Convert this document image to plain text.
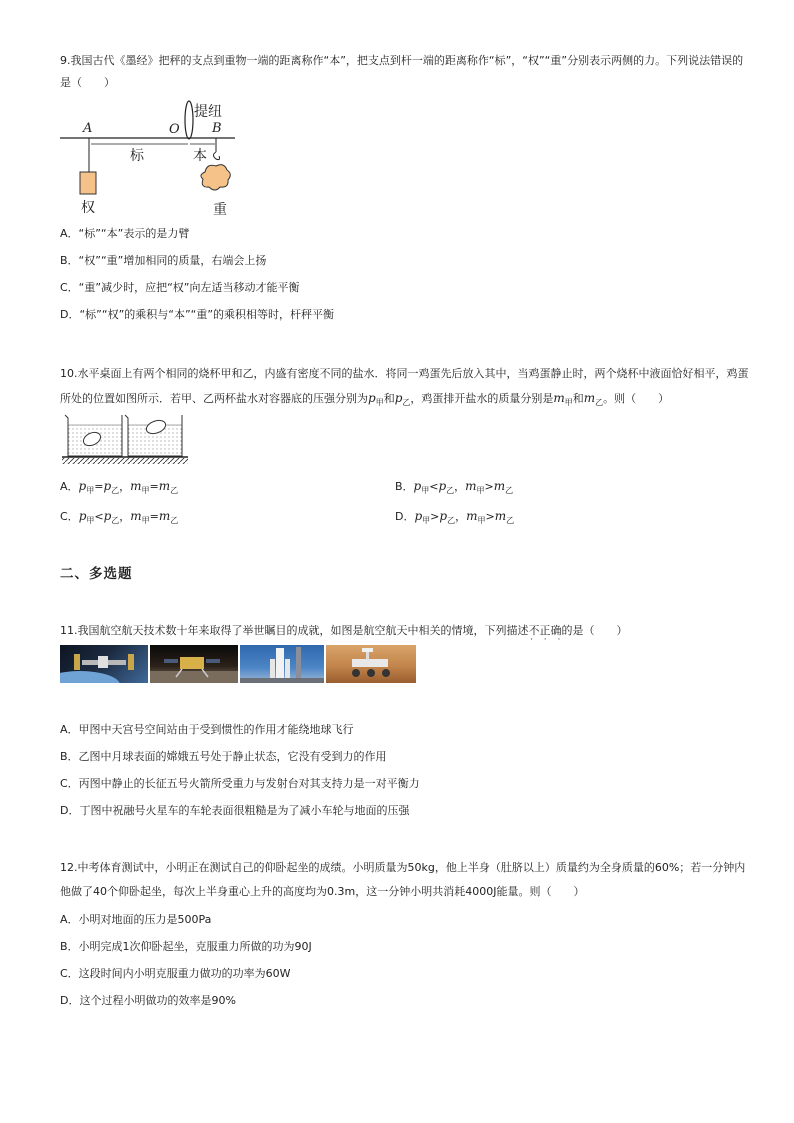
9.我国古代《墨经》把秤的支点到重物一端的距离称作“本”，把支点到杆一端的距离称作“标”，“权”“重”分别表示两侧的力。下列说法错误的是（　　）
A	O B
提纽
标	本
权	重
A．“标”“本”表示的是力臂
B．“权”“重”增加相同的质量，右端会上扬
C．“重”减少时，应把“权”向左适当移动才能平衡
D．“标”“权”的乘积与“本”“重”的乘积相等时，杆秤平衡
10.水平桌面上有两个相同的烧杯甲和乙，内盛有密度不同的盐水．将同一鸡蛋先后放入其中，当鸡蛋静止时，两个烧杯中液面恰好相平，鸡蛋所处的位置如图所示．若甲、乙两杯盐水对容器底的压强分别为$p_甲$和$p_乙$，鸡蛋排开盐水的质量分别是$m_甲$和$m_乙$。则（　　）
A．$p_甲=p_乙$，$m_甲=m_乙$	B．$p_甲<p_乙$，$m_甲>m_乙$
C．$p_甲<p_乙$，$m_甲=m_乙$	D．$p_甲>p_乙$，$m_甲>m_乙$
二、多选题
11.我国航空航天技术数十年来取得了举世瞩目的成就，如图是航空航天中相关的情境，下列描述不正确的是（　　）
· · ·
A．甲图中天宫号空间站由于受到惯性的作用才能绕地球飞行
B．乙图中月球表面的嫦娥五号处于静止状态，它没有受到力的作用
C．丙图中静止的长征五号火箭所受重力与发射台对其支持力是一对平衡力
D．丁图中祝融号火星车的车轮表面很粗糙是为了减小车轮与地面的压强
12.中考体育测试中，小明正在测试自己的仰卧起坐的成绩。小明质量为50kg，他上半身（肚脐以上）质量约为全身质量的60%；若一分钟内他做了40个仰卧起坐，每次上半身重心上升的高度均为0.3m，这一分钟小明共消耗4000J能量。则（　　）
A．小明对地面的压力是500Pa
B．小明完成1次仰卧起坐，克服重力所做的功为90J
C．这段时间内小明克服重力做功的功率为60W
D．这个过程小明做功的效率是90%
